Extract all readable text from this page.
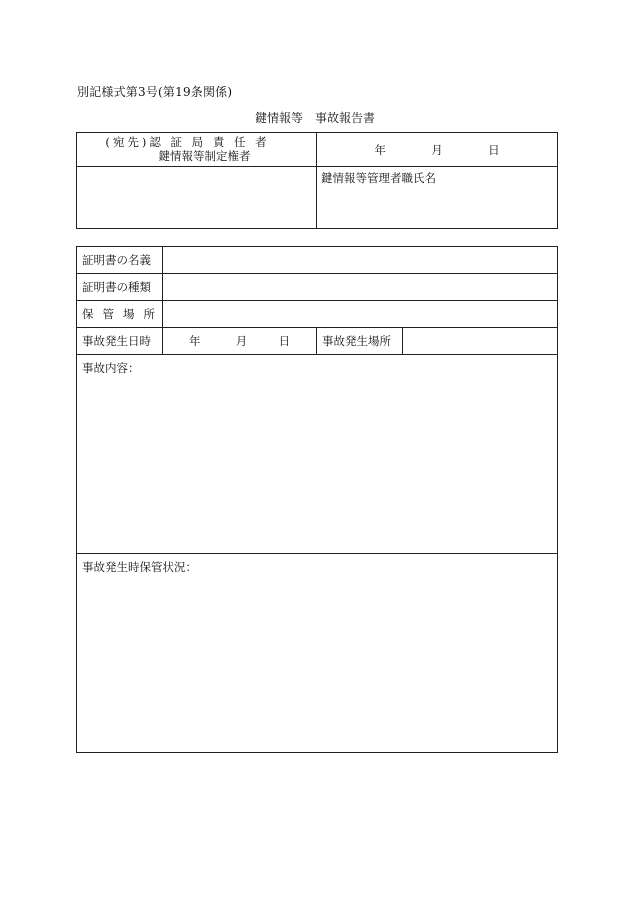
別記様式第3号(第19条関係)
鍵情報等　事故報告書
(宛先)認 証 局 責 任 者
鍵情報等制定権者	年 月 日
	鍵情報等管理者職氏名
証明書の名義			
証明書の種類			
保管場所			
事故発生日時	年 月 日	事故発生場所	
事故内容：			
事故発生時保管状況：			
